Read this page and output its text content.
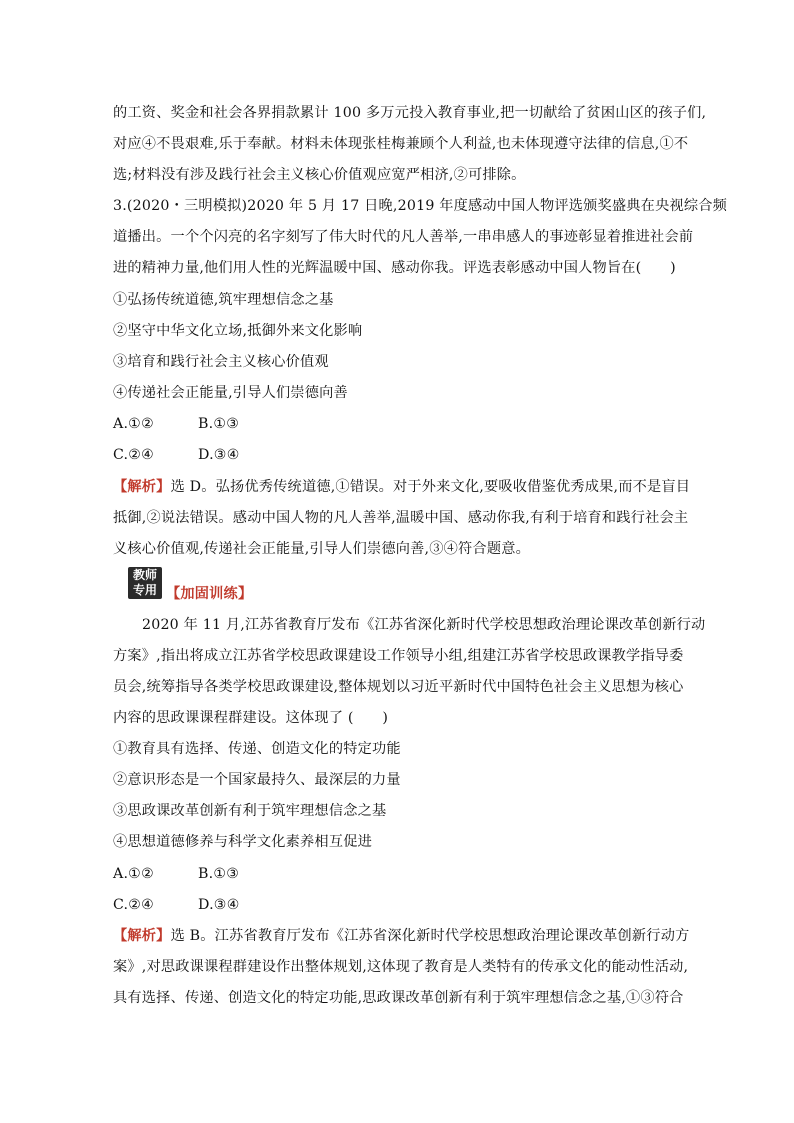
的工资、奖金和社会各界捐款累计 100 多万元投入教育事业,把一切献给了贫困山区的孩子们,
对应④不畏艰难,乐于奉献。材料未体现张桂梅兼顾个人利益,也未体现遵守法律的信息,①不
选;材料没有涉及践行社会主义核心价值观应宽严相济,②可排除。
3.(2020・三明模拟)2020 年 5 月 17 日晚,2019 年度感动中国人物评选颁奖盛典在央视综合频
道播出。一个个闪亮的名字刻写了伟大时代的凡人善举,一串串感人的事迹彰显着推进社会前
进的精神力量,他们用人性的光辉温暖中国、感动你我。评选表彰感动中国人物旨在(　　)
①弘扬传统道德,筑牢理想信念之基
②坚守中华文化立场,抵御外来文化影响
③培育和践行社会主义核心价值观
④传递社会正能量,引导人们崇德向善
A.①②	B.①③
C.②④	D.③④
【解析】选 D。弘扬优秀传统道德,①错误。对于外来文化,要吸收借鉴优秀成果,而不是盲目
抵御,②说法错误。感动中国人物的凡人善举,温暖中国、感动你我,有利于培育和践行社会主
义核心价值观,传递社会正能量,引导人们崇德向善,③④符合题意。
教师
专用 【加固训练】
2020 年 11 月,江苏省教育厅发布《江苏省深化新时代学校思想政治理论课改革创新行动
方案》,指出将成立江苏省学校思政课建设工作领导小组,组建江苏省学校思政课教学指导委
员会,统筹指导各类学校思政课建设,整体规划以习近平新时代中国特色社会主义思想为核心
内容的思政课课程群建设。这体现了 (　　)
①教育具有选择、传递、创造文化的特定功能
②意识形态是一个国家最持久、最深层的力量
③思政课改革创新有利于筑牢理想信念之基
④思想道德修养与科学文化素养相互促进
A.①②	B.①③
C.②④	D.③④
【解析】选 B。江苏省教育厅发布《江苏省深化新时代学校思想政治理论课改革创新行动方
案》,对思政课课程群建设作出整体规划,这体现了教育是人类特有的传承文化的能动性活动,
具有选择、传递、创造文化的特定功能,思政课改革创新有利于筑牢理想信念之基,①③符合
